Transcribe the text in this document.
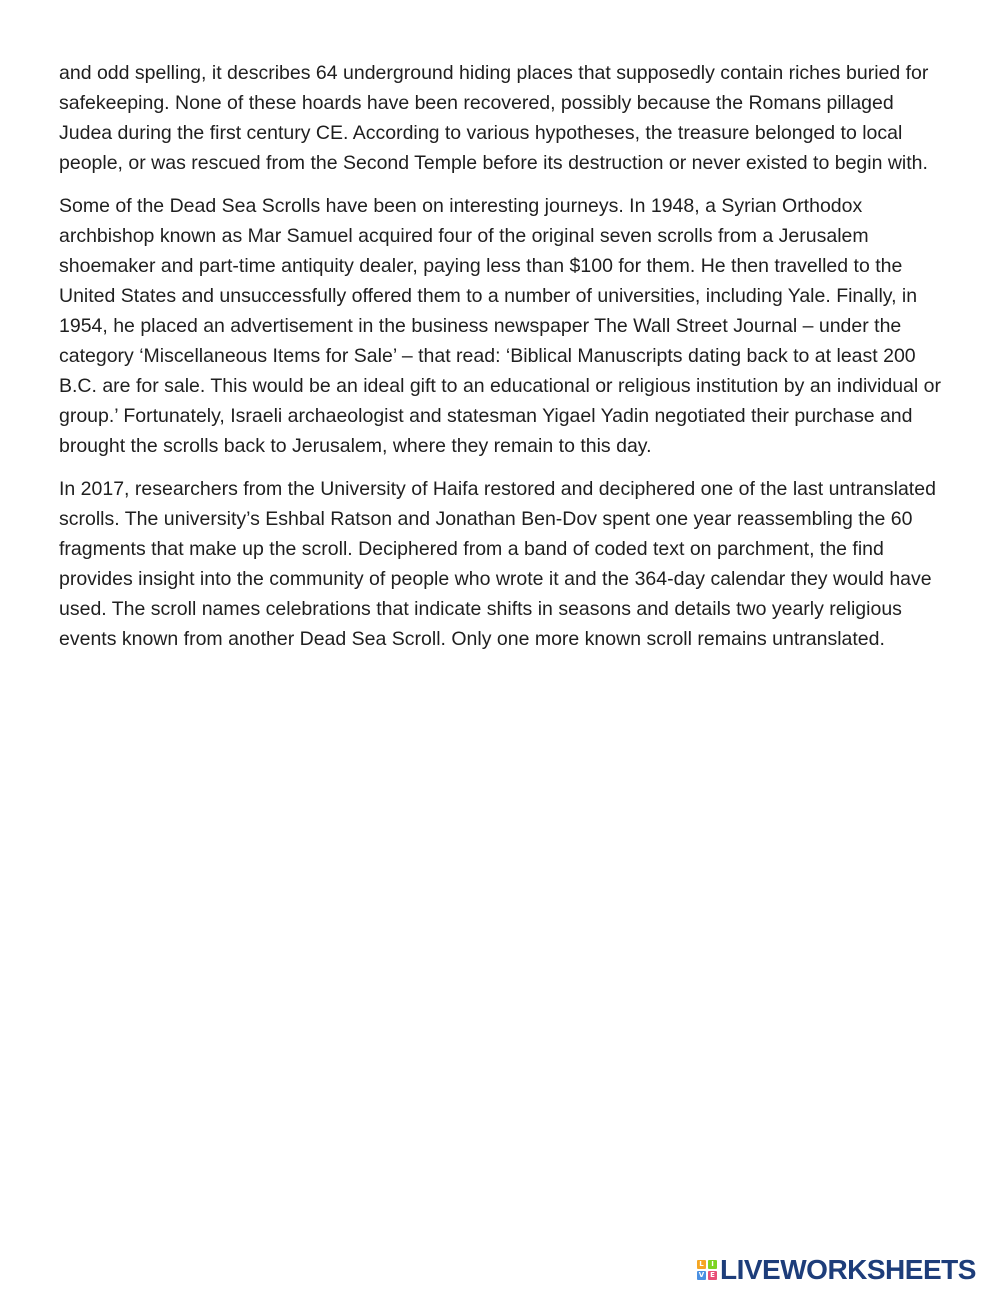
and odd spelling, it describes 64 underground hiding places that supposedly contain riches buried for safekeeping. None of these hoards have been recovered, possibly because the Romans pillaged Judea during the first century CE. According to various hypotheses, the treasure belonged to local people, or was rescued from the Second Temple before its destruction or never existed to begin with.

Some of the Dead Sea Scrolls have been on interesting journeys. In 1948, a Syrian Orthodox archbishop known as Mar Samuel acquired four of the original seven scrolls from a Jerusalem shoemaker and part-time antiquity dealer, paying less than $100 for them. He then travelled to the United States and unsuccessfully offered them to a number of universities, including Yale. Finally, in 1954, he placed an advertisement in the business newspaper The Wall Street Journal – under the category ‘Miscellaneous Items for Sale’ – that read: ‘Biblical Manuscripts dating back to at least 200 B.C. are for sale. This would be an ideal gift to an educational or religious institution by an individual or group.’ Fortunately, Israeli archaeologist and statesman Yigael Yadin negotiated their purchase and brought the scrolls back to Jerusalem, where they remain to this day.

In 2017, researchers from the University of Haifa restored and deciphered one of the last untranslated scrolls. The university’s Eshbal Ratson and Jonathan Ben-Dov spent one year reassembling the 60 fragments that make up the scroll. Deciphered from a band of coded text on parchment, the find provides insight into the community of people who wrote it and the 364-day calendar they would have used. The scroll names celebrations that indicate shifts in seasons and details two yearly religious events known from another Dead Sea Scroll. Only one more known scroll remains untranslated.

L	I
V E LIVEWORKSHEETS
